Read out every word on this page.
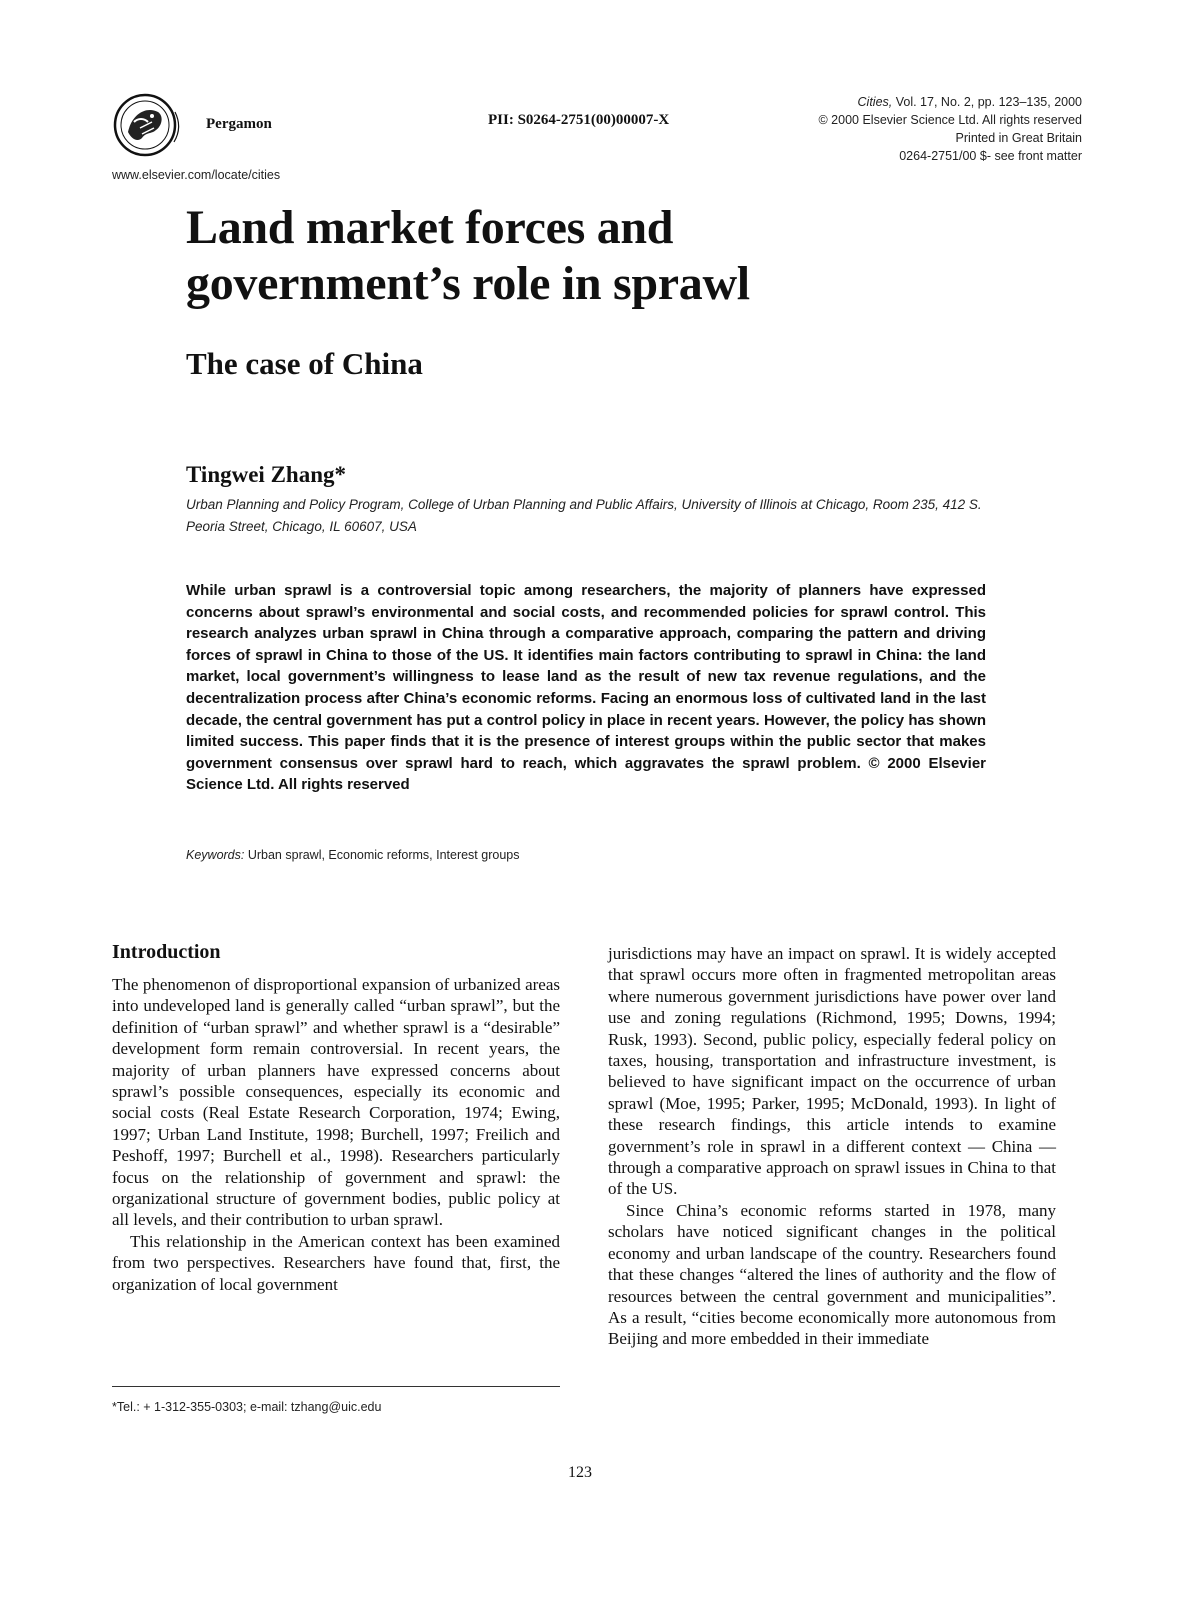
Pergamon	PII: S0264-2751(00)00007-X
Cities, Vol. 17, No. 2, pp. 123–135, 2000
© 2000 Elsevier Science Ltd. All rights reserved
Printed in Great Britain
0264-2751/00 $- see front matter
www.elsevier.com/locate/cities
Land market forces and government’s role in sprawl
The case of China
Tingwei Zhang*
Urban Planning and Policy Program, College of Urban Planning and Public Affairs, University of Illinois at Chicago, Room 235, 412 S. Peoria Street, Chicago, IL 60607, USA
While urban sprawl is a controversial topic among researchers, the majority of planners have expressed concerns about sprawl’s environmental and social costs, and recommended policies for sprawl control. This research analyzes urban sprawl in China through a comparative approach, comparing the pattern and driving forces of sprawl in China to those of the US. It identifies main factors contributing to sprawl in China: the land market, local government’s willingness to lease land as the result of new tax revenue regulations, and the decentralization process after China’s economic reforms. Facing an enormous loss of cultivated land in the last decade, the central government has put a control policy in place in recent years. However, the policy has shown limited success. This paper finds that it is the presence of interest groups within the public sector that makes government consensus over sprawl hard to reach, which aggravates the sprawl problem. © 2000 Elsevier Science Ltd. All rights reserved
Keywords: Urban sprawl, Economic reforms, Interest groups
Introduction

The phenomenon of disproportional expansion of urbanized areas into undeveloped land is generally called “urban sprawl”, but the definition of “urban sprawl” and whether sprawl is a “desirable” development form remain controversial. In recent years, the majority of urban planners have expressed concerns about sprawl’s possible consequences, especially its economic and social costs (Real Estate Research Corporation, 1974; Ewing, 1997; Urban Land Institute, 1998; Burchell, 1997; Freilich and Peshoff, 1997; Burchell et al., 1998). Researchers particularly focus on the relationship of government and sprawl: the organizational structure of government bodies, public policy at all levels, and their contribution to urban sprawl.

This relationship in the American context has been examined from two perspectives. Researchers have found that, first, the organization of local government

jurisdictions may have an impact on sprawl. It is widely accepted that sprawl occurs more often in fragmented metropolitan areas where numerous government jurisdictions have power over land use and zoning regulations (Richmond, 1995; Downs, 1994; Rusk, 1993). Second, public policy, especially federal policy on taxes, housing, transportation and infrastructure investment, is believed to have significant impact on the occurrence of urban sprawl (Moe, 1995; Parker, 1995; McDonald, 1993). In light of these research findings, this article intends to examine government’s role in sprawl in a different context — China — through a comparative approach on sprawl issues in China to that of the US.

Since China’s economic reforms started in 1978, many scholars have noticed significant changes in the political economy and urban landscape of the country. Researchers found that these changes “altered the lines of authority and the flow of resources between the central government and municipalities”. As a result, “cities become economically more autonomous from Beijing and more embedded in their immediate

*Tel.: + 1-312-355-0303; e-mail: tzhang@uic.edu
123
